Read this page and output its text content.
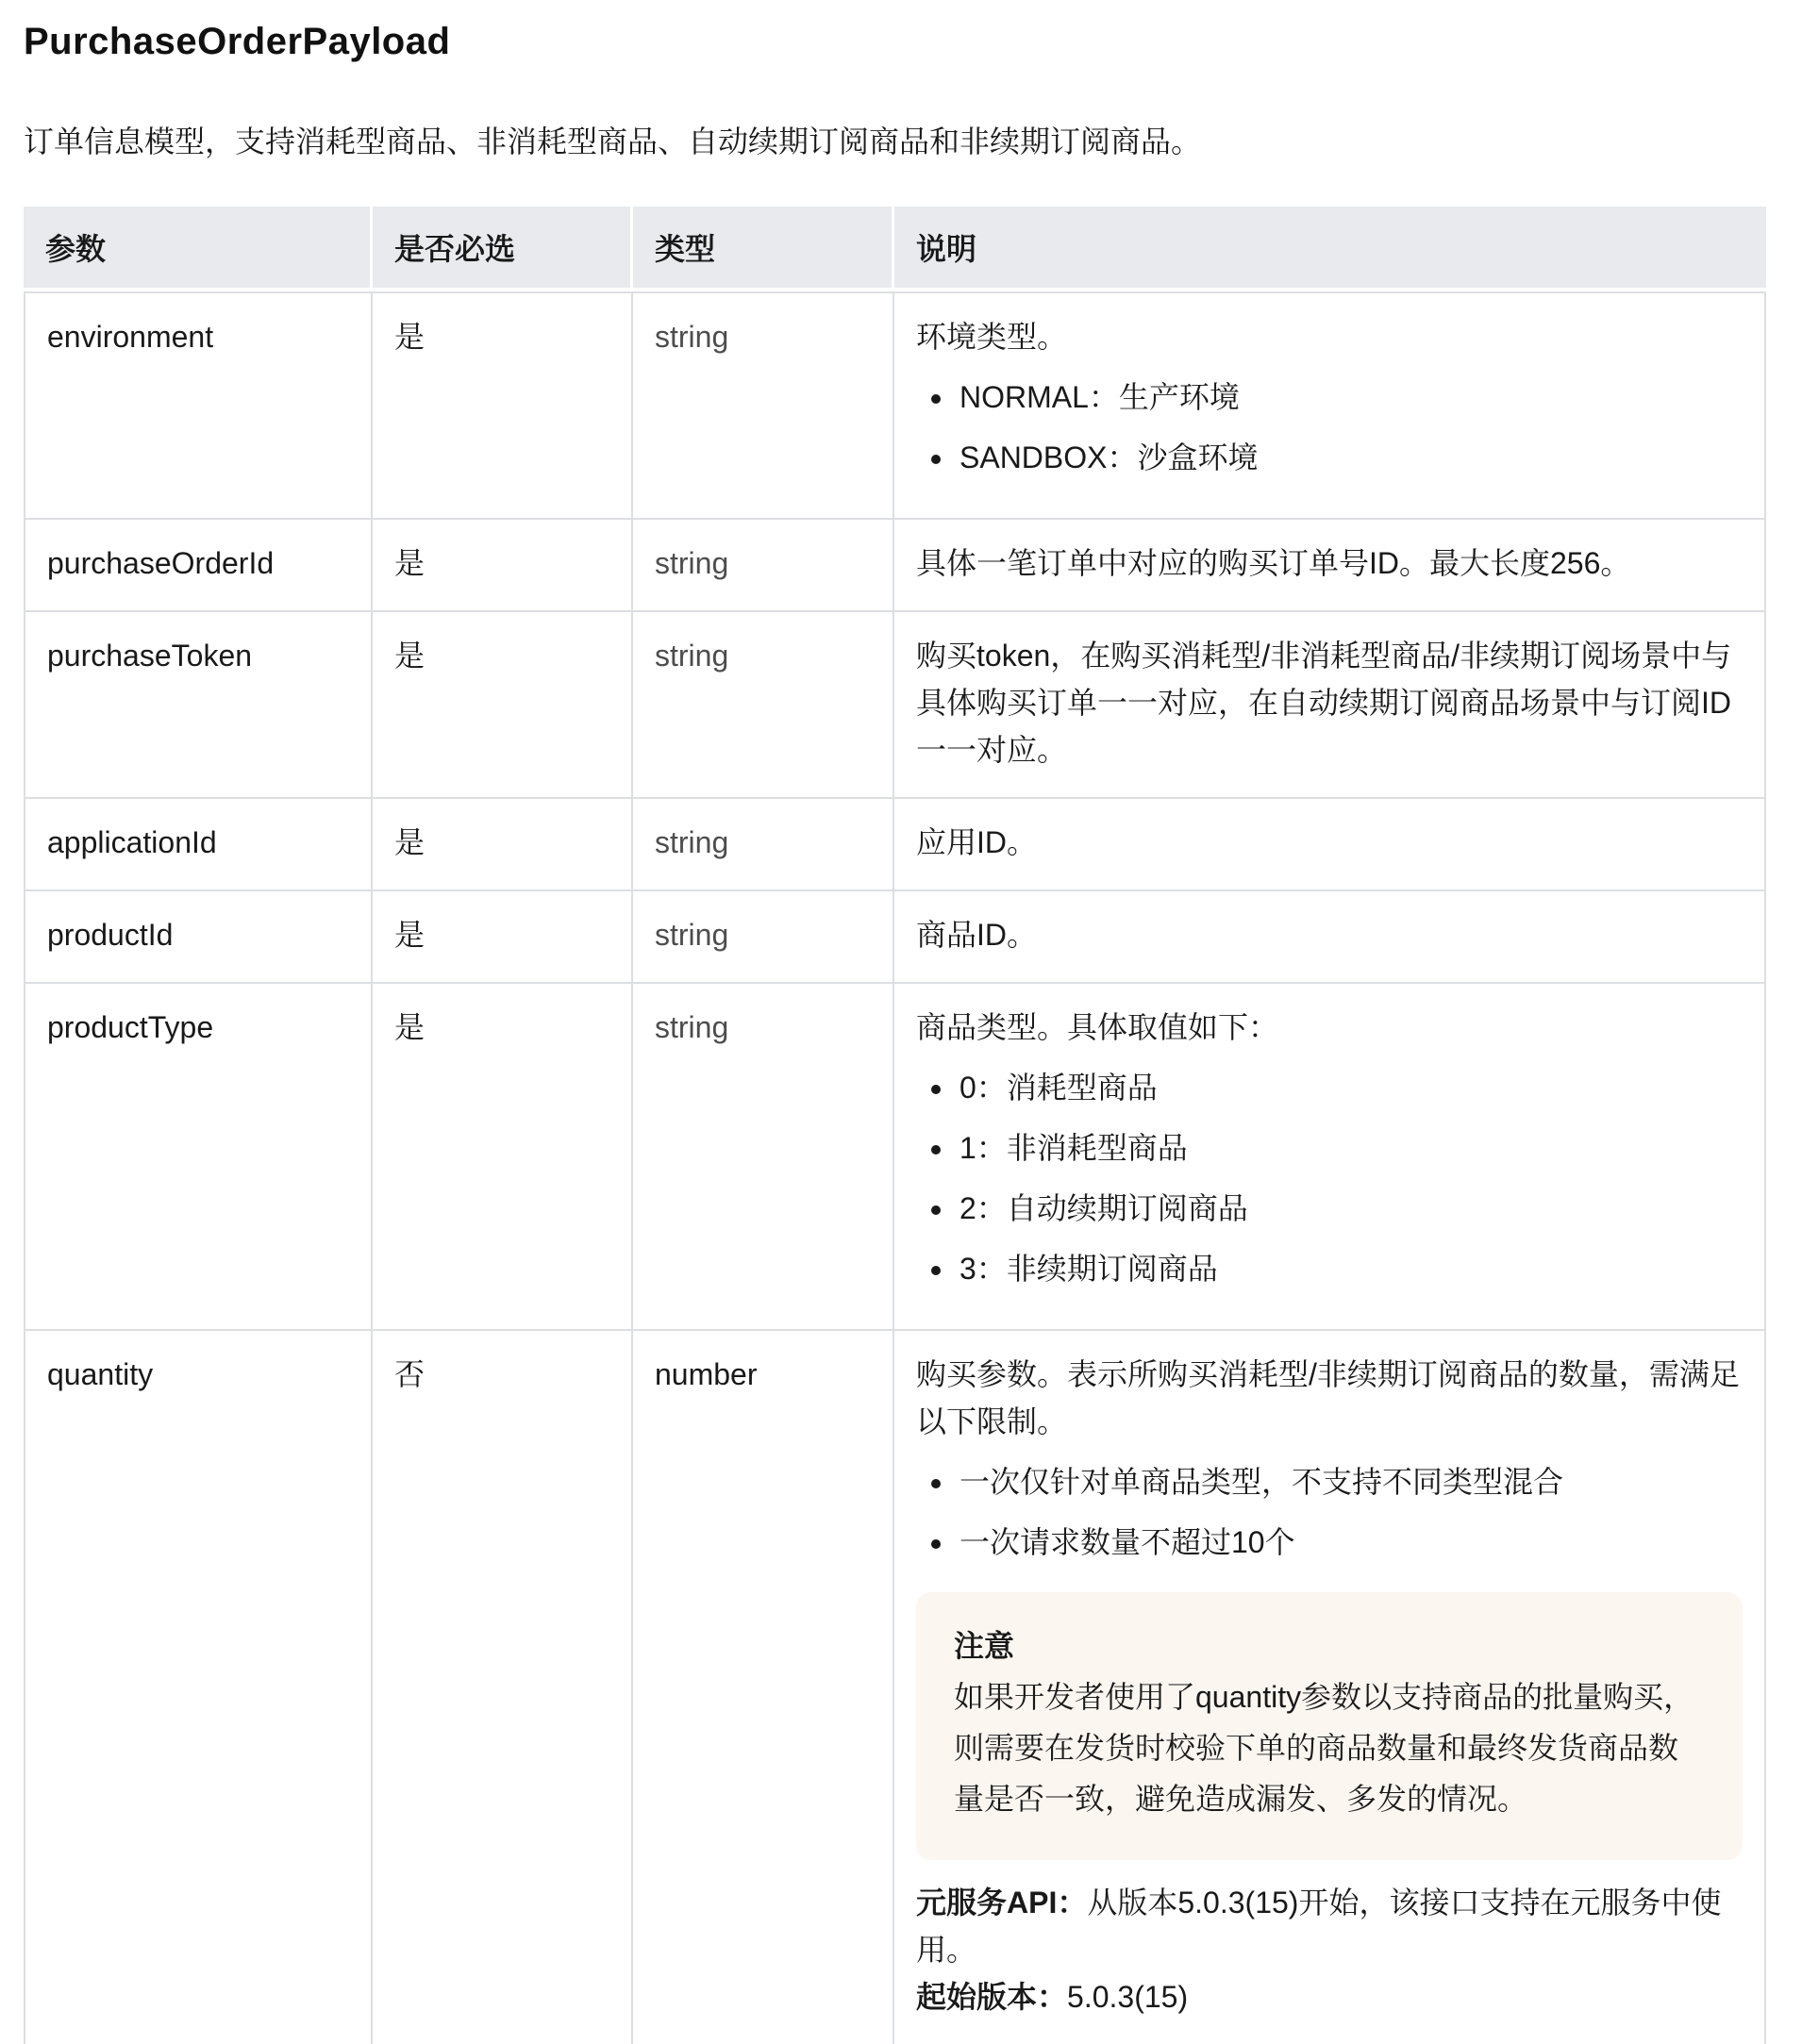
PurchaseOrderPayload

订单信息模型，支持消耗型商品、非消耗型商品、自动续期订阅商品和非续期订阅商品。

参数	是否必选	类型	说明
environment	是	string	环境类型。

• NORMAL：生产环境
• SANDBOX：沙盒环境

purchaseOrderId	是	string	具体一笔订单中对应的购买订单号ID。最大长度256。

purchaseToken	是	string	购买token，在购买消耗型/非消耗型商品/非续期订阅场景中与具体购买订单一一对应，在自动续期订阅商品场景中与订阅ID一一对应。

applicationId	是	string	应用ID。

productId	是	string	商品ID。

productType	是	string	商品类型。具体取值如下：

• 0：消耗型商品
• 1：非消耗型商品
• 2：自动续期订阅商品
• 3：非续期订阅商品

quantity	否	number	购买参数。表示所购买消耗型/非续期订阅商品的数量，需满足以下限制。

• 一次仅针对单商品类型，不支持不同类型混合
• 一次请求数量不超过10个

注意

如果开发者使用了quantity参数以支持商品的批量购买，则需要在发货时校验下单的商品数量和最终发货商品数量是否一致，避免造成漏发、多发的情况。

元服务API：从版本5.0.3(15)开始，该接口支持在元服务中使用。

起始版本：5.0.3(15)
